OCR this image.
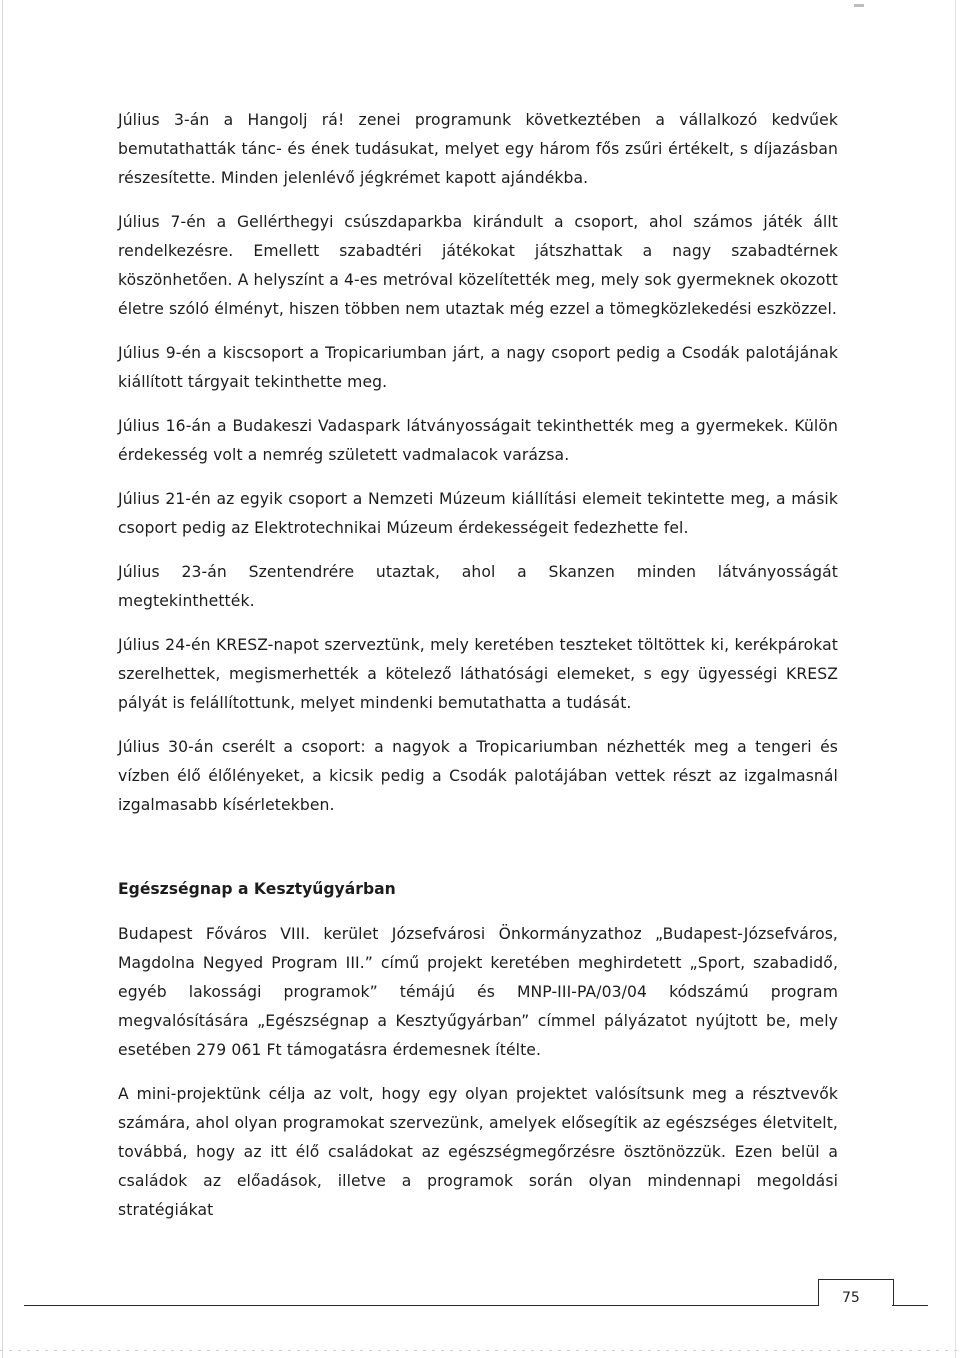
Július 3-án a Hangolj rá! zenei programunk következtében a vállalkozó kedvűek bemutathatták tánc- és ének tudásukat, melyet egy három fős zsűri értékelt, s díjazásban részesítette. Minden jelenlévő jégkrémet kapott ajándékba.

Július 7-én a Gellérthegyi csúszdaparkba kirándult a csoport, ahol számos játék állt rendelkezésre. Emellett szabadtéri játékokat játszhattak a nagy szabadtérnek köszönhetően. A helyszínt a 4-es metróval közelítették meg, mely sok gyermeknek okozott életre szóló élményt, hiszen többen nem utaztak még ezzel a tömegközlekedési eszközzel.

Július 9-én a kiscsoport a Tropicariumban járt, a nagy csoport pedig a Csodák palotájának kiállított tárgyait tekinthette meg.

Július 16-án a Budakeszi Vadaspark látványosságait tekinthették meg a gyermekek. Külön érdekesség volt a nemrég született vadmalacok varázsa.

Július 21-én az egyik csoport a Nemzeti Múzeum kiállítási elemeit tekintette meg, a másik csoport pedig az Elektrotechnikai Múzeum érdekességeit fedezhette fel.

Július 23-án Szentendrére utaztak, ahol a Skanzen minden látványosságát megtekinthették.

Július 24-én KRESZ-napot szerveztünk, mely keretében teszteket töltöttek ki, kerékpárokat szerelhettek, megismerhették a kötelező láthatósági elemeket, s egy ügyességi KRESZ pályát is felállítottunk, melyet mindenki bemutathatta a tudását.

Július 30-án cserélt a csoport: a nagyok a Tropicariumban nézhették meg a tengeri és vízben élő élőlényeket, a kicsik pedig a Csodák palotájában vettek részt az izgalmasnál izgalmasabb kísérletekben.

Egészségnap a Kesztyűgyárban

Budapest Főváros VIII. kerület Józsefvárosi Önkormányzathoz „Budapest-Józsefváros, Magdolna Negyed Program III.” című projekt keretében meghirdetett „Sport, szabadidő, egyéb lakossági programok” témájú és MNP-III-PA/03/04 kódszámú program megvalósítására „Egészségnap a Kesztyűgyárban” címmel pályázatot nyújtott be, mely esetében 279 061 Ft támogatásra érdemesnek ítélte.

A mini-projektünk célja az volt, hogy egy olyan projektet valósítsunk meg a résztvevők számára, ahol olyan programokat szervezünk, amelyek elősegítik az egészséges életvitelt, továbbá, hogy az itt élő családokat az egészségmegőrzésre ösztönözzük. Ezen belül a családok az előadások, illetve a programok során olyan mindennapi megoldási stratégiákat

75
